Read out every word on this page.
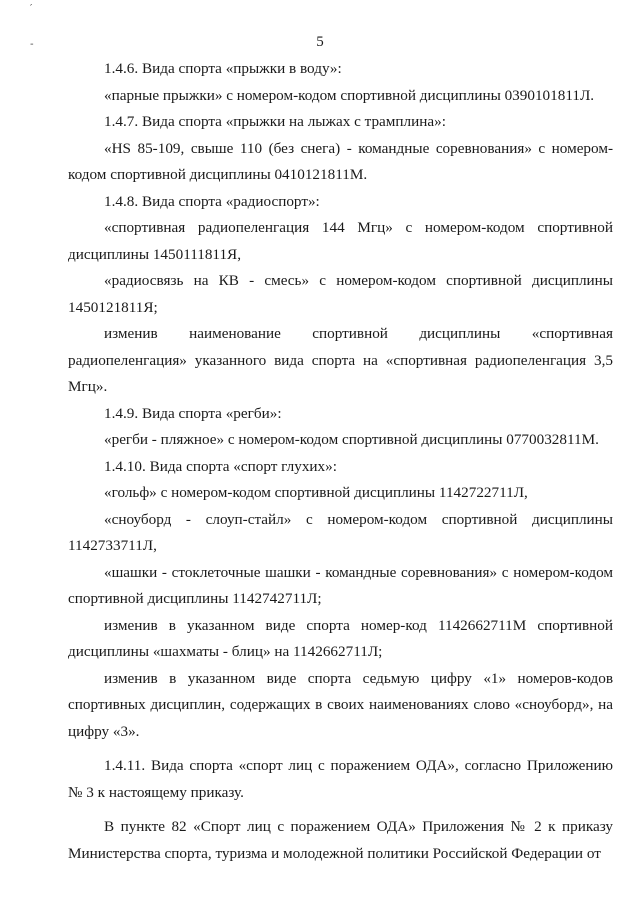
′
-	5

1.4.6. Вида спорта «прыжки в воду»:

«парные прыжки» с номером-кодом спортивной дисциплины 0390101811Л.

1.4.7. Вида спорта «прыжки на лыжах с трамплина»:

«HS 85-109, свыше 110 (без снега) - командные соревнования» с номером-кодом спортивной дисциплины 0410121811М.

1.4.8. Вида спорта «радиоспорт»:

«спортивная радиопеленгация 144 Мгц» с номером-кодом спортивной дисциплины 1450111811Я,

«радиосвязь на КВ - смесь» с номером-кодом спортивной дисциплины 1450121811Я;

изменив наименование спортивной дисциплины «спортивная радиопеленгация» указанного вида спорта на «спортивная радиопеленгация 3,5 Мгц».

1.4.9. Вида спорта «регби»:

«регби - пляжное» с номером-кодом спортивной дисциплины 0770032811М.

1.4.10. Вида спорта «спорт глухих»:

«гольф» с номером-кодом спортивной дисциплины 1142722711Л,

«сноуборд - слоуп-стайл» с номером-кодом спортивной дисциплины 1142733711Л,

«шашки - стоклеточные шашки - командные соревнования» с номером-кодом спортивной дисциплины 1142742711Л;

изменив в указанном виде спорта номер-код 1142662711М спортивной дисциплины «шахматы - блиц» на 1142662711Л;

изменив в указанном виде спорта седьмую цифру «1» номеров-кодов спортивных дисциплин, содержащих в своих наименованиях слово «сноуборд», на цифру «3».

1.4.11. Вида спорта «спорт лиц с поражением ОДА», согласно Приложению № 3 к настоящему приказу.

В пункте 82 «Спорт лиц с поражением ОДА» Приложения № 2 к приказу Министерства спорта, туризма и молодежной политики Российской Федерации от
